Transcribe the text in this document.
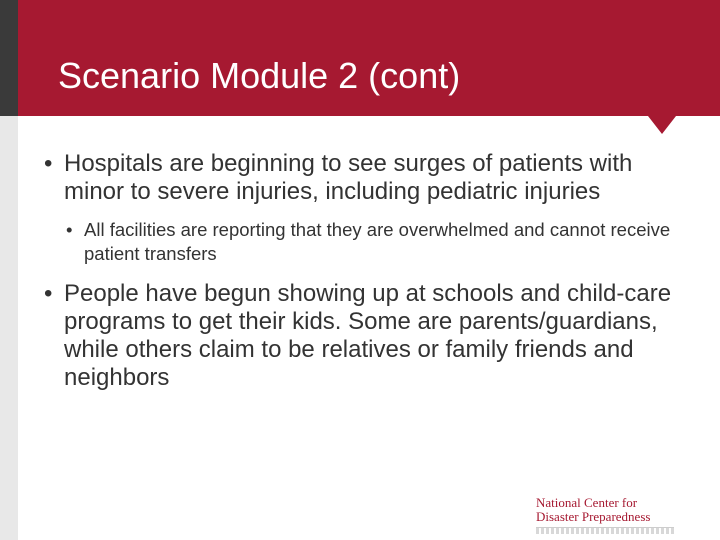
Scenario Module 2 (cont)
• Hospitals are beginning to see surges of patients with minor to severe injuries, including pediatric injuries
• All facilities are reporting that they are overwhelmed and cannot receive patient transfers
• People have begun showing up at schools and child-care programs to get their kids. Some are parents/guardians, while others claim to be relatives or family friends and neighbors
National Center for
Disaster Preparedness
